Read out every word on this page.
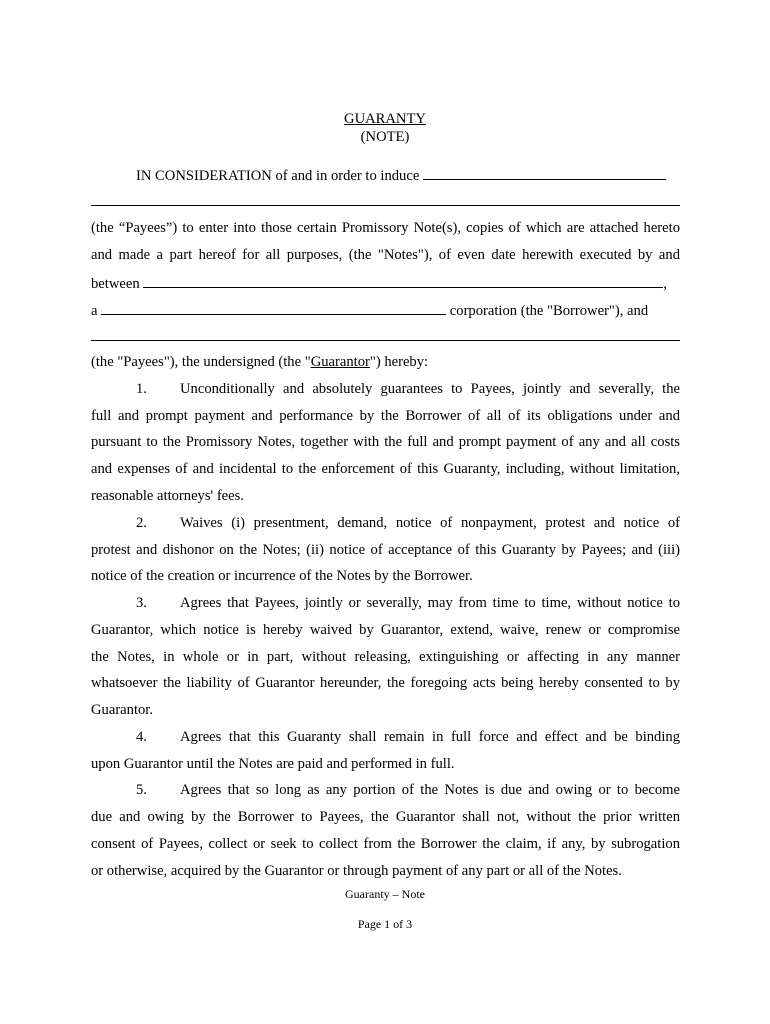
GUARANTY
(NOTE)
IN CONSIDERATION of and in order to induce
(the “Payees”) to enter into those certain Promissory Note(s), copies of which are attached hereto
and made a part hereof for all purposes, (the "Notes"), of even date herewith executed by and
between	,
a	corporation (the "Borrower"), and
(the "Payees"), the undersigned (the "Guarantor") hereby:
1. Unconditionally and absolutely guarantees to Payees, jointly and severally, the
full and prompt payment and performance by the Borrower of all of its obligations under and
pursuant to the Promissory Notes, together with the full and prompt payment of any and all costs
and expenses of and incidental to the enforcement of this Guaranty, including, without limitation,
reasonable attorneys' fees.
2. Waives (i) presentment, demand, notice of nonpayment, protest and notice of
protest and dishonor on the Notes; (ii) notice of acceptance of this Guaranty by Payees; and (iii)
notice of the creation or incurrence of the Notes by the Borrower.
3. Agrees that Payees, jointly or severally, may from time to time, without notice to
Guarantor, which notice is hereby waived by Guarantor, extend, waive, renew or compromise
the Notes, in whole or in part, without releasing, extinguishing or affecting in any manner
whatsoever the liability of Guarantor hereunder, the foregoing acts being hereby consented to by
Guarantor.
4. Agrees that this Guaranty shall remain in full force and effect and be binding
upon Guarantor until the Notes are paid and performed in full.
5. Agrees that so long as any portion of the Notes is due and owing or to become
due and owing by the Borrower to Payees, the Guarantor shall not, without the prior written
consent of Payees, collect or seek to collect from the Borrower the claim, if any, by subrogation
or otherwise, acquired by the Guarantor or through payment of any part or all of the Notes.
Guaranty – Note
Page 1 of 3
